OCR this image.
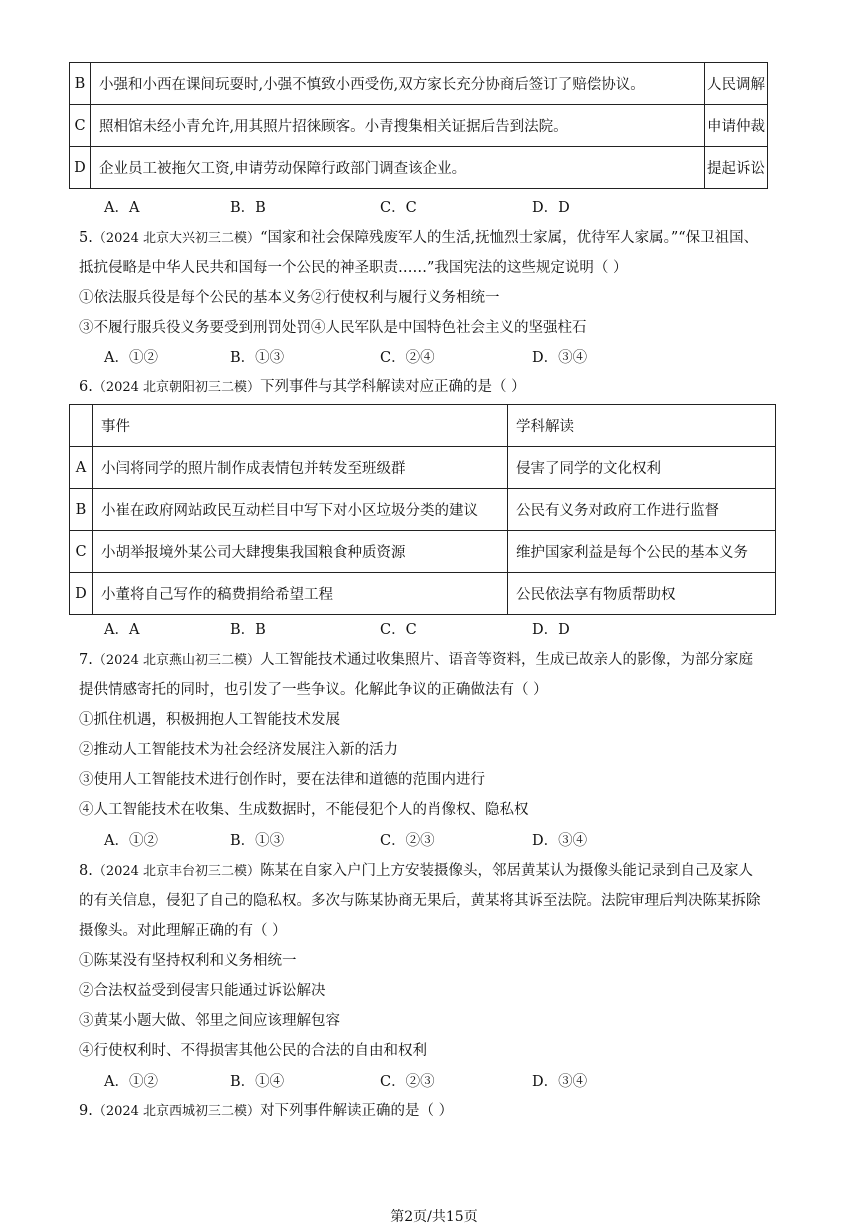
B	小强和小西在课间玩耍时,小强不慎致小西受伤,双方家长充分协商后签订了赔偿协议。	人民调解
C	照相馆未经小青允许,用其照片招徕顾客。小青搜集相关证据后告到法院。	申请仲裁
D	企业员工被拖欠工资,申请劳动保障行政部门调查该企业。	提起诉讼
A．A	B．B	C．C	D．D
5.（2024 北京大兴初三二模）“国家和社会保障残废军人的生活,抚恤烈士家属，优待军人家属。”“保卫祖国、
抵抗侵略是中华人民共和国每一个公民的神圣职责……”我国宪法的这些规定说明（ ）
①依法服兵役是每个公民的基本义务②行使权利与履行义务相统一
③不履行服兵役义务要受到刑罚处罚④人民军队是中国特色社会主义的坚强柱石
A．①②	B．①③	C．②④	D．③④
6.（2024 北京朝阳初三二模）下列事件与其学科解读对应正确的是（ ）
	事件	学科解读
A	小闫将同学的照片制作成表情包并转发至班级群	侵害了同学的文化权利
B	小崔在政府网站政民互动栏目中写下对小区垃圾分类的建议	公民有义务对政府工作进行监督
C	小胡举报境外某公司大肆搜集我国粮食种质资源	维护国家利益是每个公民的基本义务
D	小董将自己写作的稿费捐给希望工程	公民依法享有物质帮助权
A．A	B．B	C．C	D．D
7.（2024 北京燕山初三二模）人工智能技术通过收集照片、语音等资料，生成已故亲人的影像，为部分家庭
提供情感寄托的同时，也引发了一些争议。化解此争议的正确做法有（ ）
①抓住机遇，积极拥抱人工智能技术发展
②推动人工智能技术为社会经济发展注入新的活力
③使用人工智能技术进行创作时，要在法律和道德的范围内进行
④人工智能技术在收集、生成数据时，不能侵犯个人的肖像权、隐私权
A．①②	B．①③	C．②③	D．③④
8.（2024 北京丰台初三二模）陈某在自家入户门上方安装摄像头，邻居黄某认为摄像头能记录到自己及家人
的有关信息，侵犯了自己的隐私权。多次与陈某协商无果后，黄某将其诉至法院。法院审理后判决陈某拆除
摄像头。对此理解正确的有（ ）
①陈某没有坚持权利和义务相统一
②合法权益受到侵害只能通过诉讼解决
③黄某小题大做、邻里之间应该理解包容
④行使权利时、不得损害其他公民的合法的自由和权利
A．①②	B．①④	C．②③	D．③④
9.（2024 北京西城初三二模）对下列事件解读正确的是（ ）
第2页/共15页
